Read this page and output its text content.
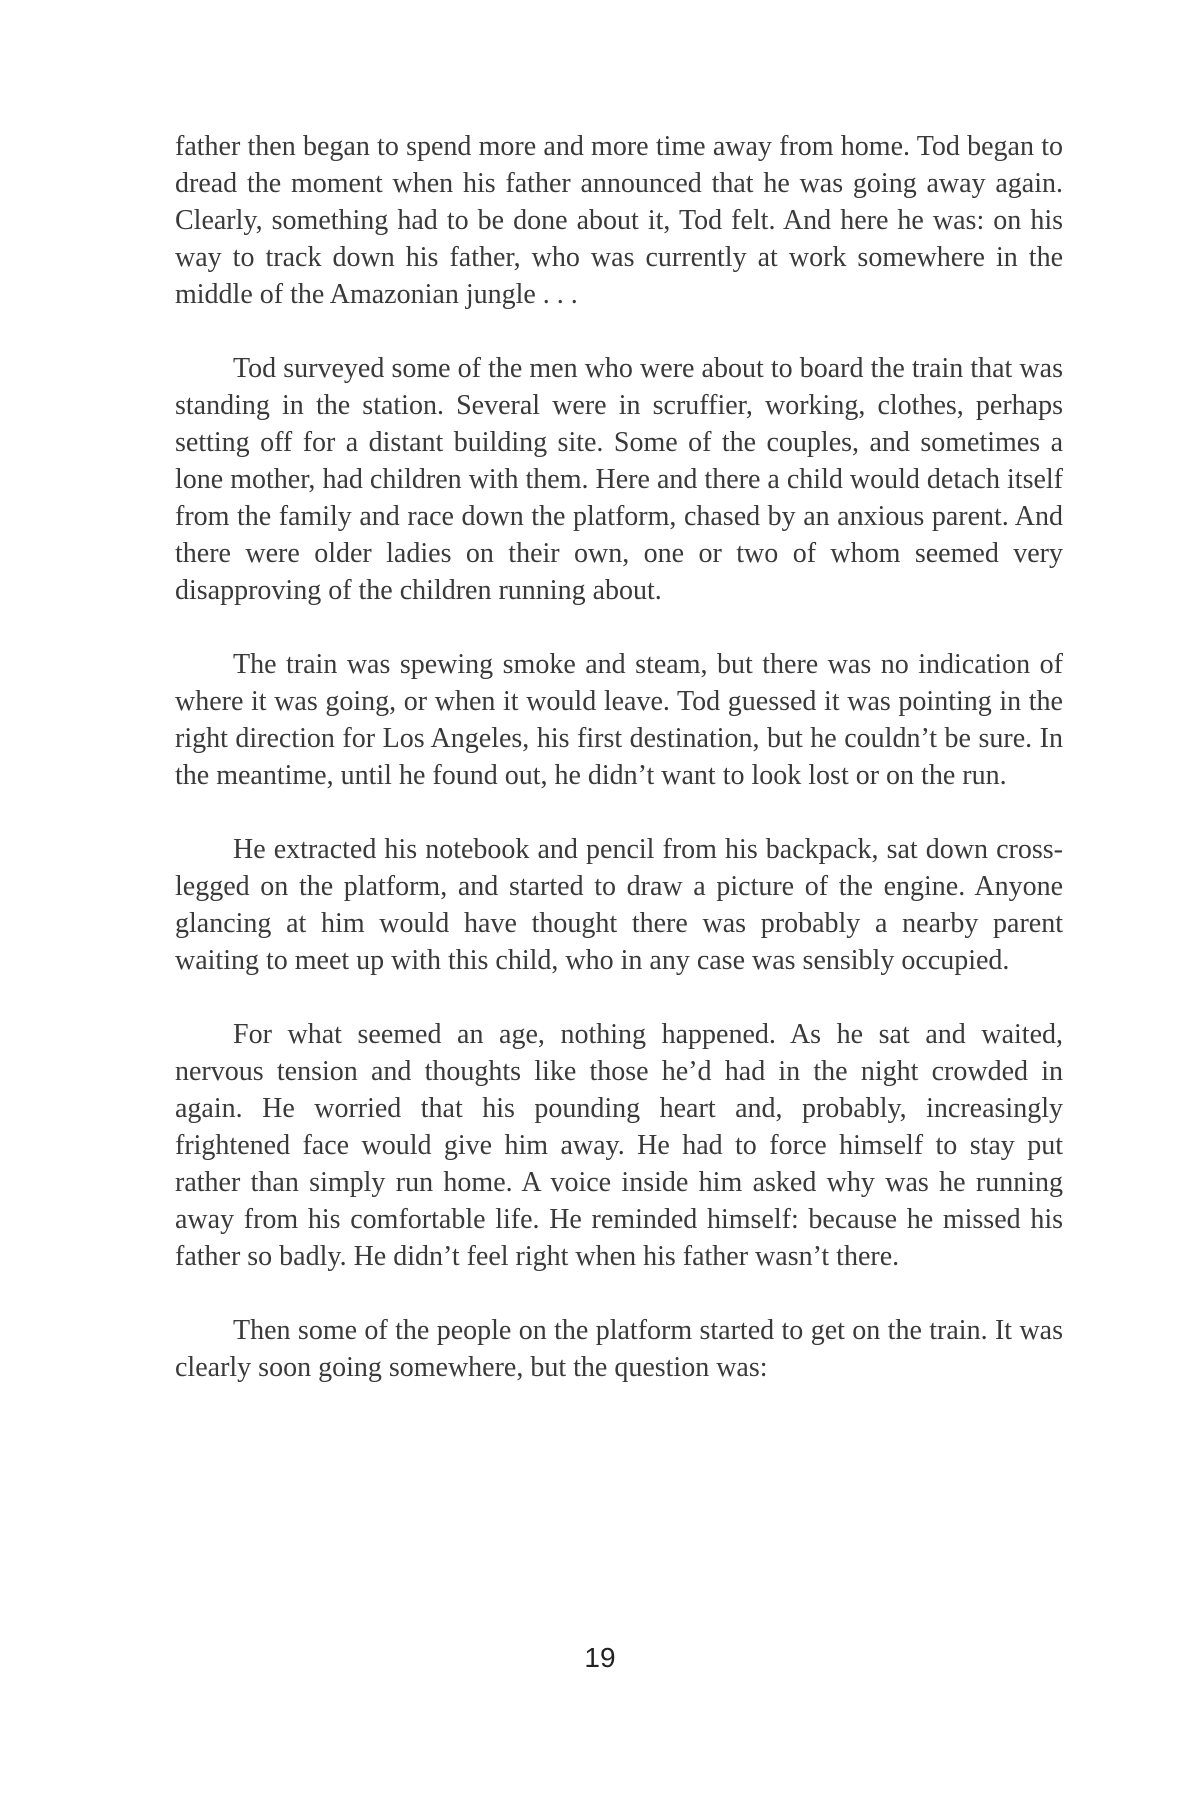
father then began to spend more and more time away from home. Tod began to dread the moment when his father announced that he was going away again. Clearly, something had to be done about it, Tod felt. And here he was: on his way to track down his father, who was currently at work somewhere in the middle of the Amazonian jungle . . .

Tod surveyed some of the men who were about to board the train that was standing in the station. Several were in scruffier, working, clothes, perhaps setting off for a distant building site. Some of the couples, and sometimes a lone mother, had children with them. Here and there a child would detach itself from the family and race down the platform, chased by an anxious parent. And there were older ladies on their own, one or two of whom seemed very disapproving of the children running about.

The train was spewing smoke and steam, but there was no indication of where it was going, or when it would leave. Tod guessed it was pointing in the right direction for Los Angeles, his first destination, but he couldn’t be sure. In the meantime, until he found out, he didn’t want to look lost or on the run.

He extracted his notebook and pencil from his backpack, sat down cross-legged on the platform, and started to draw a picture of the engine. Anyone glancing at him would have thought there was probably a nearby parent waiting to meet up with this child, who in any case was sensibly occupied.

For what seemed an age, nothing happened. As he sat and waited, nervous tension and thoughts like those he’d had in the night crowded in again. He worried that his pounding heart and, probably, increasingly frightened face would give him away. He had to force himself to stay put rather than simply run home. A voice inside him asked why was he running away from his comfortable life. He reminded himself: because he missed his father so badly. He didn’t feel right when his father wasn’t there.

Then some of the people on the platform started to get on the train. It was clearly soon going somewhere, but the question was:

19
